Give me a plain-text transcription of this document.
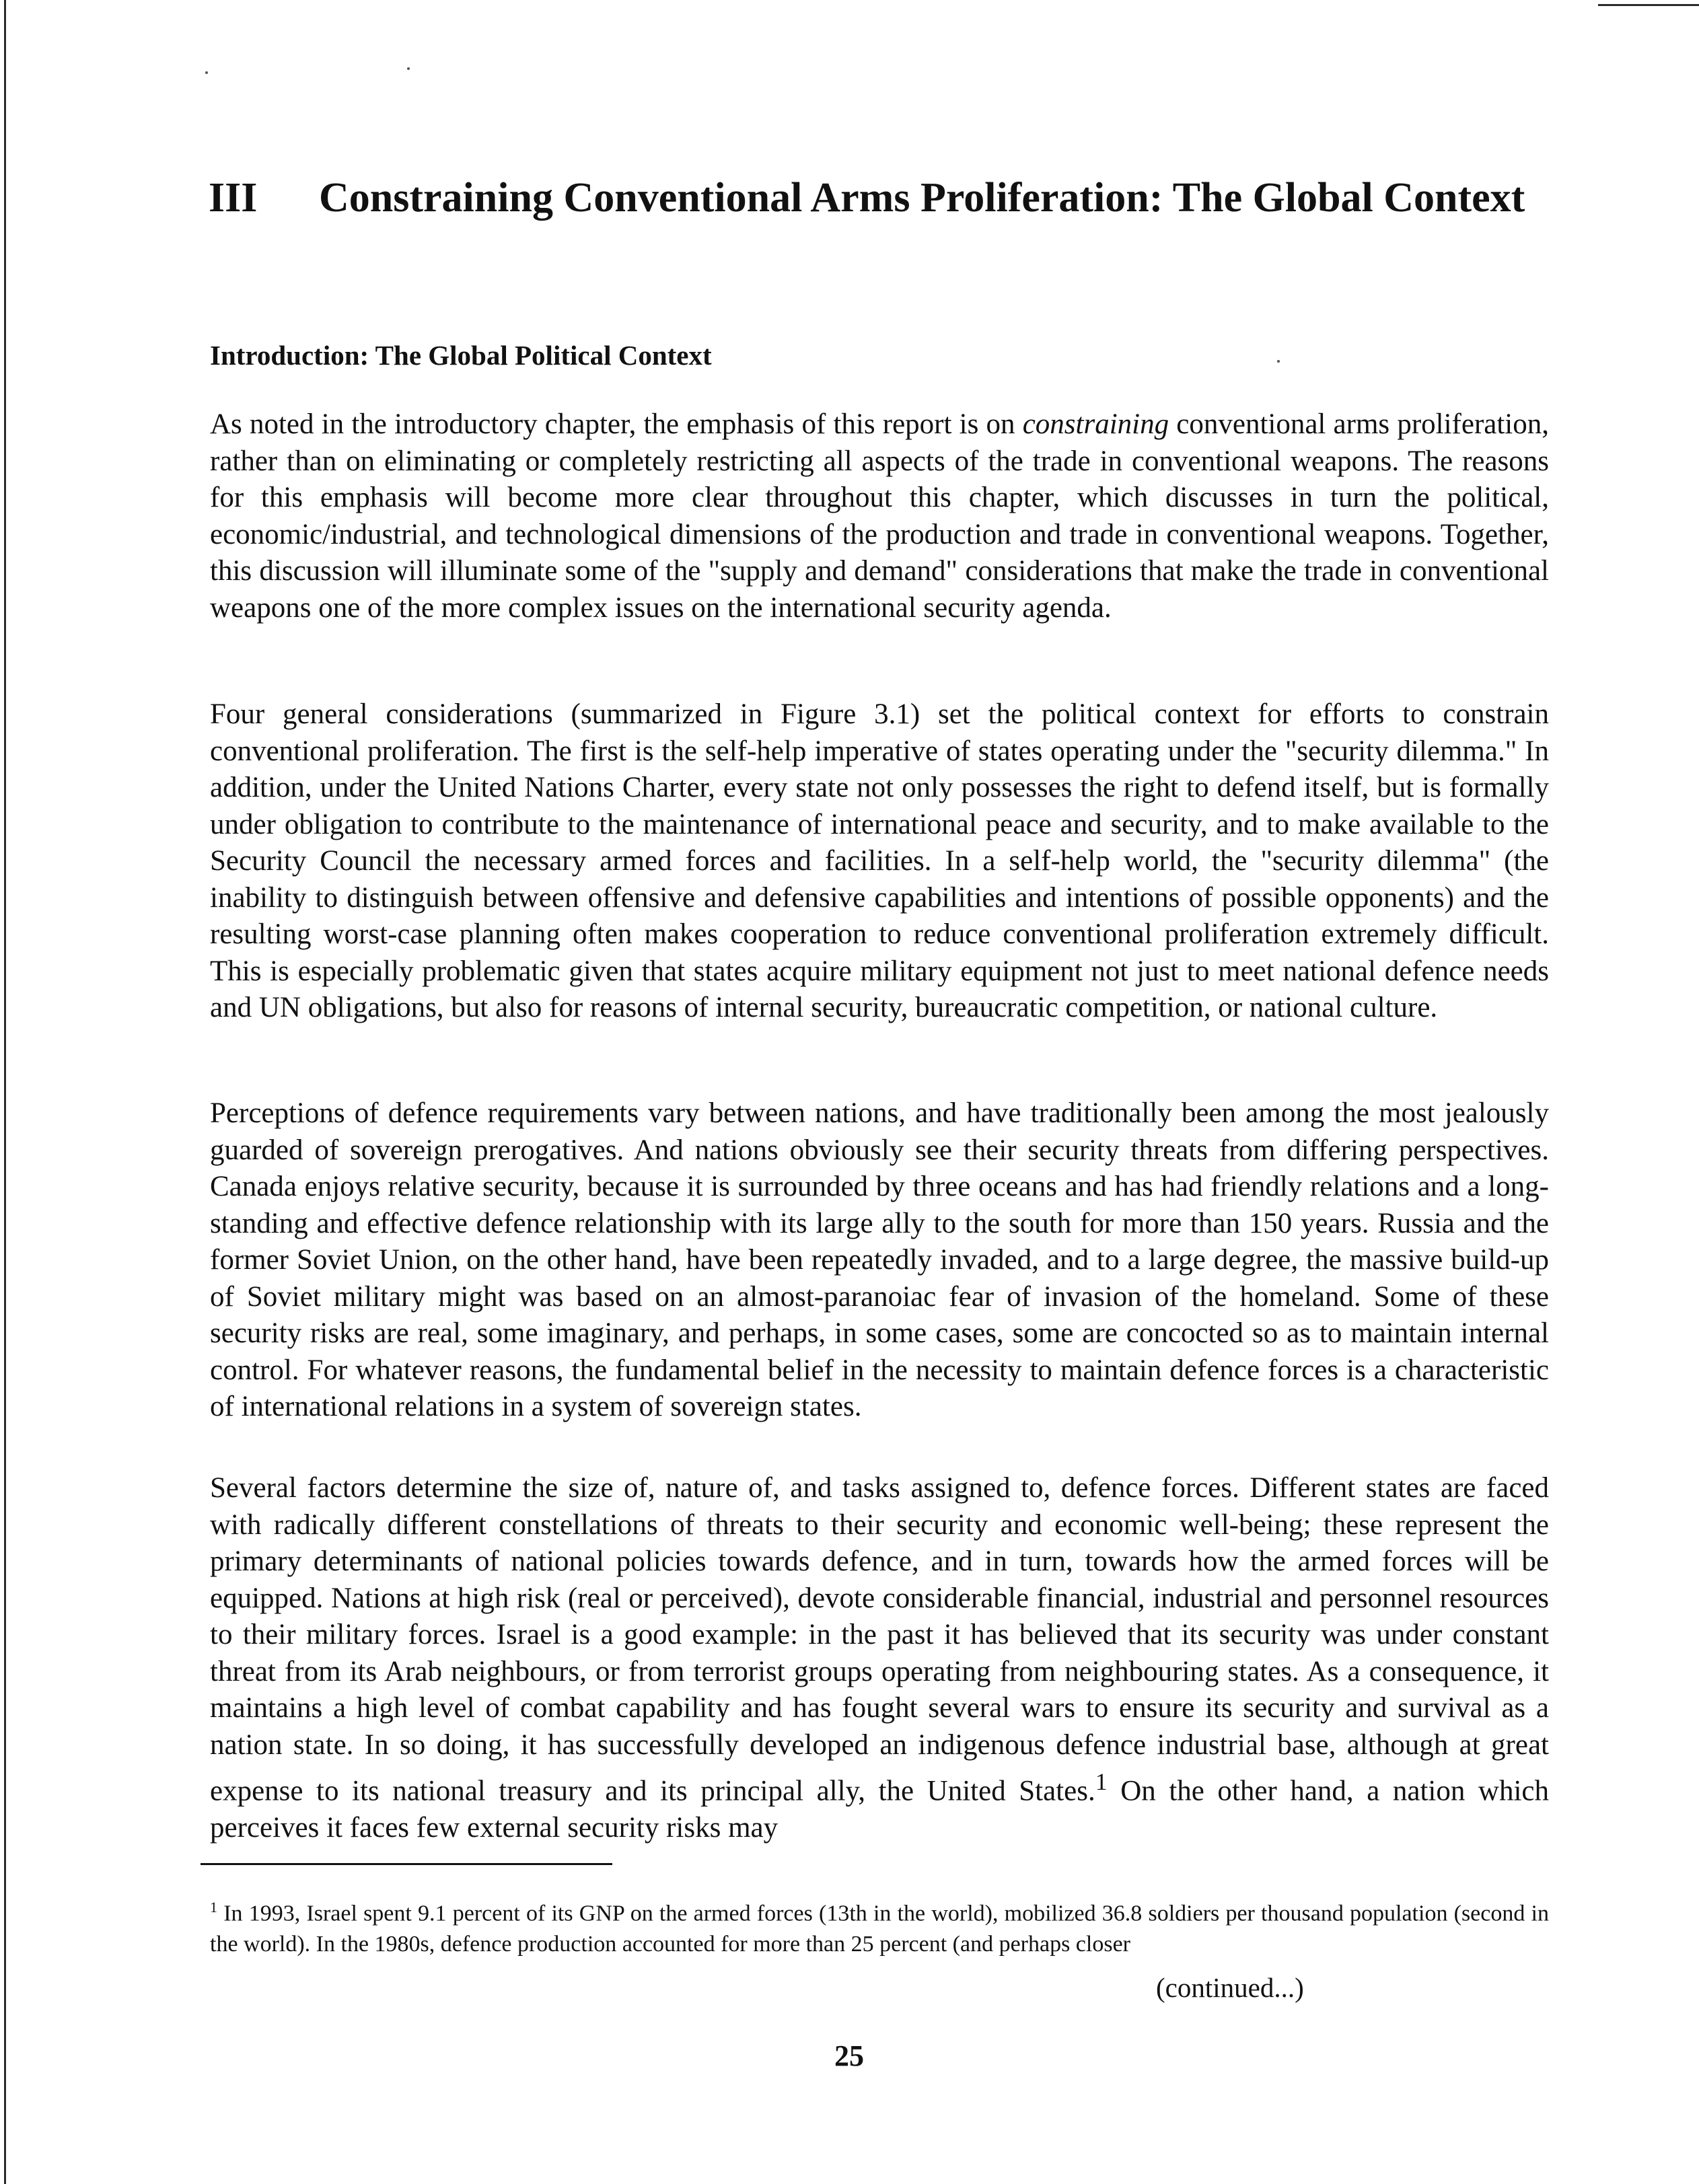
III Constraining Conventional Arms Proliferation: The Global Context
Introduction: The Global Political Context

As noted in the introductory chapter, the emphasis of this report is on constraining conventional arms proliferation, rather than on eliminating or completely restricting all aspects of the trade in conventional weapons. The reasons for this emphasis will become more clear throughout this chapter, which discusses in turn the political, economic/industrial, and technological dimensions of the production and trade in conventional weapons. Together, this discussion will illuminate some of the "supply and demand" considerations that make the trade in conventional weapons one of the more complex issues on the international security agenda.

Four general considerations (summarized in Figure 3.1) set the political context for efforts to constrain conventional proliferation. The first is the self-help imperative of states operating under the "security dilemma." In addition, under the United Nations Charter, every state not only possesses the right to defend itself, but is formally under obligation to contribute to the maintenance of international peace and security, and to make available to the Security Council the necessary armed forces and facilities. In a self-help world, the "security dilemma" (the inability to distinguish between offensive and defensive capabilities and intentions of possible opponents) and the resulting worst-case planning often makes cooperation to reduce conventional proliferation extremely difficult. This is especially problematic given that states acquire military equipment not just to meet national defence needs and UN obligations, but also for reasons of internal security, bureaucratic competition, or national culture.

Perceptions of defence requirements vary between nations, and have traditionally been among the most jealously guarded of sovereign prerogatives. And nations obviously see their security threats from differing perspectives. Canada enjoys relative security, because it is surrounded by three oceans and has had friendly relations and a long-standing and effective defence relationship with its large ally to the south for more than 150 years. Russia and the former Soviet Union, on the other hand, have been repeatedly invaded, and to a large degree, the massive build-up of Soviet military might was based on an almost-paranoiac fear of invasion of the homeland. Some of these security risks are real, some imaginary, and perhaps, in some cases, some are concocted so as to maintain internal control. For whatever reasons, the fundamental belief in the necessity to maintain defence forces is a characteristic of international relations in a system of sovereign states.

Several factors determine the size of, nature of, and tasks assigned to, defence forces. Different states are faced with radically different constellations of threats to their security and economic well-being; these represent the primary determinants of national policies towards defence, and in turn, towards how the armed forces will be equipped. Nations at high risk (real or perceived), devote considerable financial, industrial and personnel resources to their military forces. Israel is a good example: in the past it has believed that its security was under constant threat from its Arab neighbours, or from terrorist groups operating from neighbouring states. As a consequence, it maintains a high level of combat capability and has fought several wars to ensure its security and survival as a nation state. In so doing, it has successfully developed an indigenous defence industrial base, although at great expense to its national treasury and its principal ally, the United States.$^1$ On the other hand, a nation which perceives it faces few external security risks may

$^1$ In 1993, Israel spent 9.1 percent of its GNP on the armed forces (13th in the world), mobilized 36.8 soldiers per thousand population (second in the world). In the 1980s, defence production accounted for more than 25 percent (and perhaps closer

(continued...)
25
